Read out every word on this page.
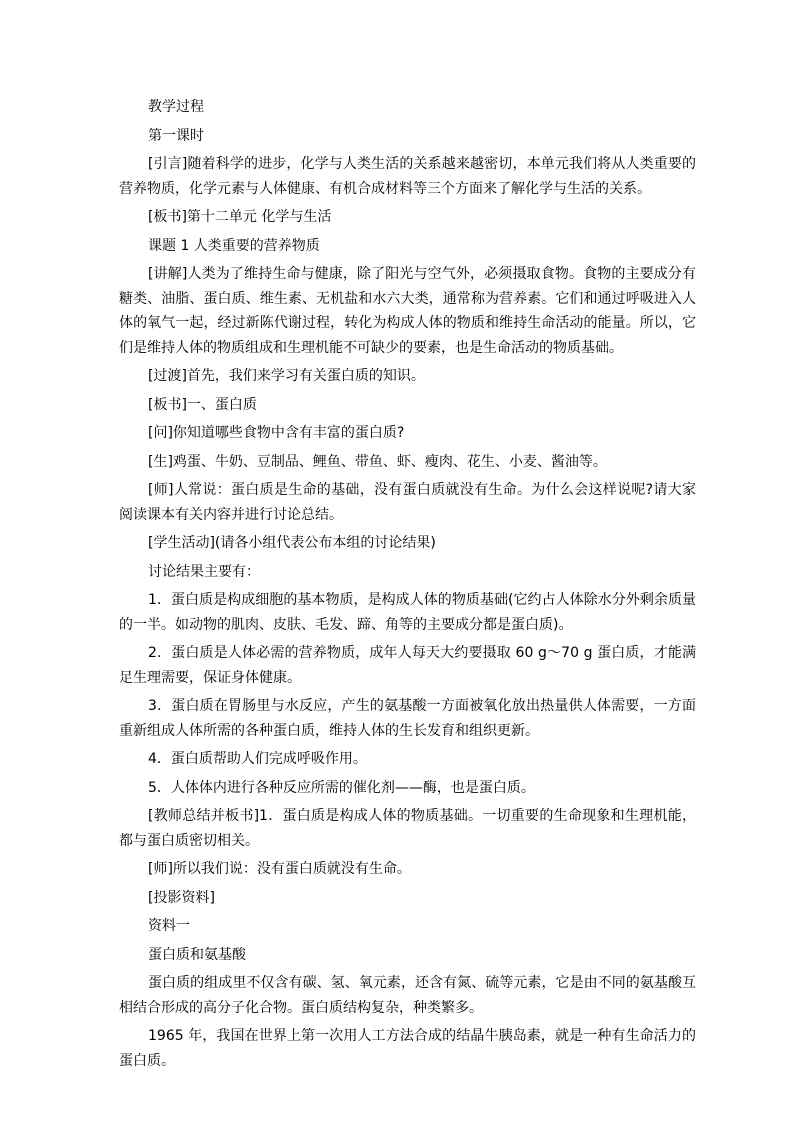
教学过程

第一课时

[引言]随着科学的进步，化学与人类生活的关系越来越密切，本单元我们将从人类重要的营养物质，化学元素与人体健康、有机合成材料等三个方面来了解化学与生活的关系。

[板书]第十二单元 化学与生活

课题 1 人类重要的营养物质

[讲解]人类为了维持生命与健康，除了阳光与空气外，必须摄取食物。食物的主要成分有糖类、油脂、蛋白质、维生素、无机盐和水六大类，通常称为营养素。它们和通过呼吸进入人体的氧气一起，经过新陈代谢过程，转化为构成人体的物质和维持生命活动的能量。所以，它们是维持人体的物质组成和生理机能不可缺少的要素，也是生命活动的物质基础。

[过渡]首先，我们来学习有关蛋白质的知识。

[板书]一、蛋白质

[问]你知道哪些食物中含有丰富的蛋白质?

[生]鸡蛋、牛奶、豆制品、鲤鱼、带鱼、虾、瘦肉、花生、小麦、酱油等。

[师]人常说：蛋白质是生命的基础，没有蛋白质就没有生命。为什么会这样说呢?请大家阅读课本有关内容并进行讨论总结。

[学生活动](请各小组代表公布本组的讨论结果)

讨论结果主要有：

1．蛋白质是构成细胞的基本物质，是构成人体的物质基础(它约占人体除水分外剩余质量的一半。如动物的肌肉、皮肤、毛发、蹄、角等的主要成分都是蛋白质)。

2．蛋白质是人体必需的营养物质，成年人每天大约要摄取 60 g～70 g 蛋白质，才能满足生理需要，保证身体健康。

3．蛋白质在胃肠里与水反应，产生的氨基酸一方面被氧化放出热量供人体需要，一方面重新组成人体所需的各种蛋白质，维持人体的生长发育和组织更新。

4．蛋白质帮助人们完成呼吸作用。

5．人体体内进行各种反应所需的催化剂——酶，也是蛋白质。

[教师总结并板书]1．蛋白质是构成人体的物质基础。一切重要的生命现象和生理机能，都与蛋白质密切相关。

[师]所以我们说：没有蛋白质就没有生命。

[投影资料]

资料一

蛋白质和氨基酸

蛋白质的组成里不仅含有碳、氢、氧元素，还含有氮、硫等元素，它是由不同的氨基酸互相结合形成的高分子化合物。蛋白质结构复杂，种类繁多。

1965 年，我国在世界上第一次用人工方法合成的结晶牛胰岛素，就是一种有生命活力的蛋白质。
